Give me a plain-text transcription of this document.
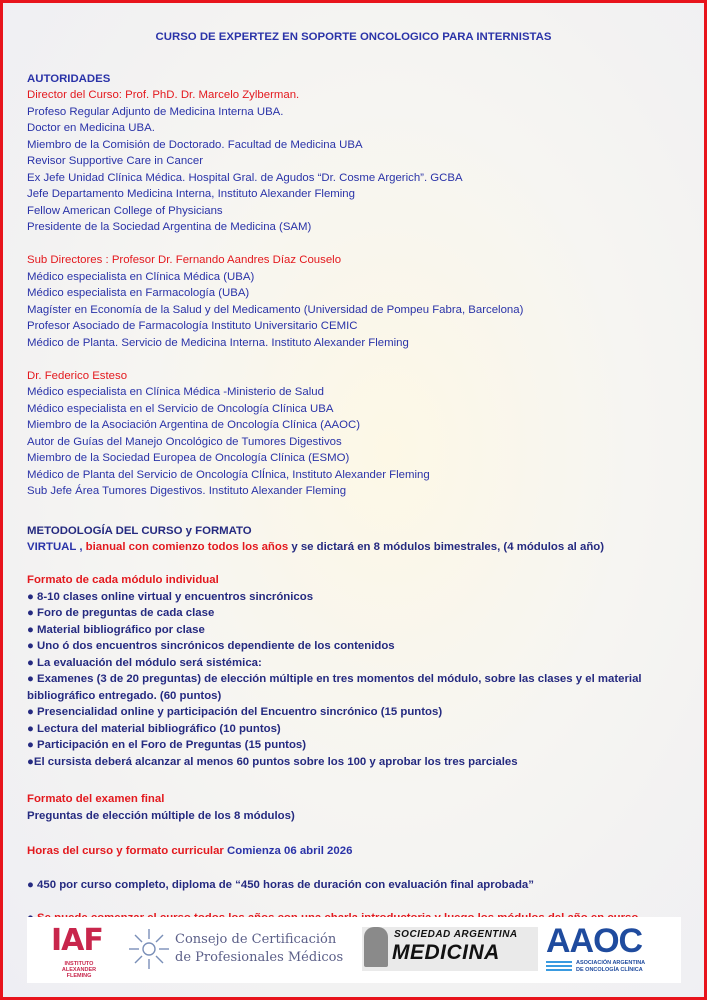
CURSO DE EXPERTEZ EN SOPORTE ONCOLOGICO PARA INTERNISTAS
AUTORIDADES
Director del Curso: Prof. PhD. Dr. Marcelo Zylberman.
Profeso Regular Adjunto de Medicina Interna UBA.
Doctor en Medicina UBA.
Miembro de la Comisión de Doctorado. Facultad de Medicina UBA
Revisor Supportive Care in Cancer
Ex Jefe Unidad Clínica Médica. Hospital Gral. de Agudos “Dr. Cosme Argerich”. GCBA
Jefe Departamento Medicina Interna, Instituto Alexander Fleming
Fellow American College of Physicians
Presidente de la Sociedad Argentina de Medicina (SAM)
Sub Directores : Profesor Dr. Fernando Aandres Díaz Couselo
Médico especialista en Clínica Médica (UBA)
Médico especialista en Farmacología (UBA)
Magíster en Economía de la Salud y del Medicamento (Universidad de Pompeu Fabra, Barcelona)
Profesor Asociado de Farmacología Instituto Universitario CEMIC
Médico de Planta. Servicio de Medicina Interna. Instituto Alexander Fleming
Dr. Federico Esteso
Médico especialista en Clínica Médica -Ministerio de Salud
Médico especialista en el Servicio de Oncología Clínica UBA
Miembro de la Asociación Argentina de Oncología Clínica (AAOC)
Autor de Guías del Manejo Oncológico de Tumores Digestivos
Miembro de la Sociedad Europea de Oncología Clínica (ESMO)
Médico de Planta del Servicio de Oncología ClÍnica, Instituto Alexander Fleming
Sub Jefe Área Tumores Digestivos. Instituto Alexander Fleming
METODOLOGÍA DEL CURSO y FORMATO
VIRTUAL , bianual con comienzo todos los años y se dictará en 8 módulos bimestrales, (4 módulos al año)
Formato de cada módulo individual
● 8-10 clases online virtual y encuentros sincrónicos
● Foro de preguntas de cada clase
● Material bibliográfico por clase
● Uno ó dos encuentros sincrónicos dependiente de los contenidos
● La evaluación del módulo será sistémica:
● Examenes (3 de 20 preguntas) de elección múltiple en tres momentos del módulo, sobre las clases y el material bibliográfico entregado. (60 puntos)
● Presencialidad online y participación del Encuentro sincrónico (15 puntos)
● Lectura del material bibliográfico (10 puntos)
● Participación en el Foro de Preguntas (15 puntos)
●El cursista deberá alcanzar al menos 60 puntos sobre los 100 y aprobar los tres parciales
Formato del examen final
Preguntas de elección múltiple de los 8 módulos)
Horas del curso y formato curricular Comienza 06 abril 2026
● 450 por curso completo, diploma de “450 horas de duración con evaluación final aprobada”
IAF
INSTITUTO ALEXANDER FLEMING
Consejo de Certificación
de Profesionales Médicos
SOCIEDAD ARGENTINA
MEDICINA AAOC
ASOCIACIÓN ARGENTINA
DE ONCOLOGÍA CLÍNICA
